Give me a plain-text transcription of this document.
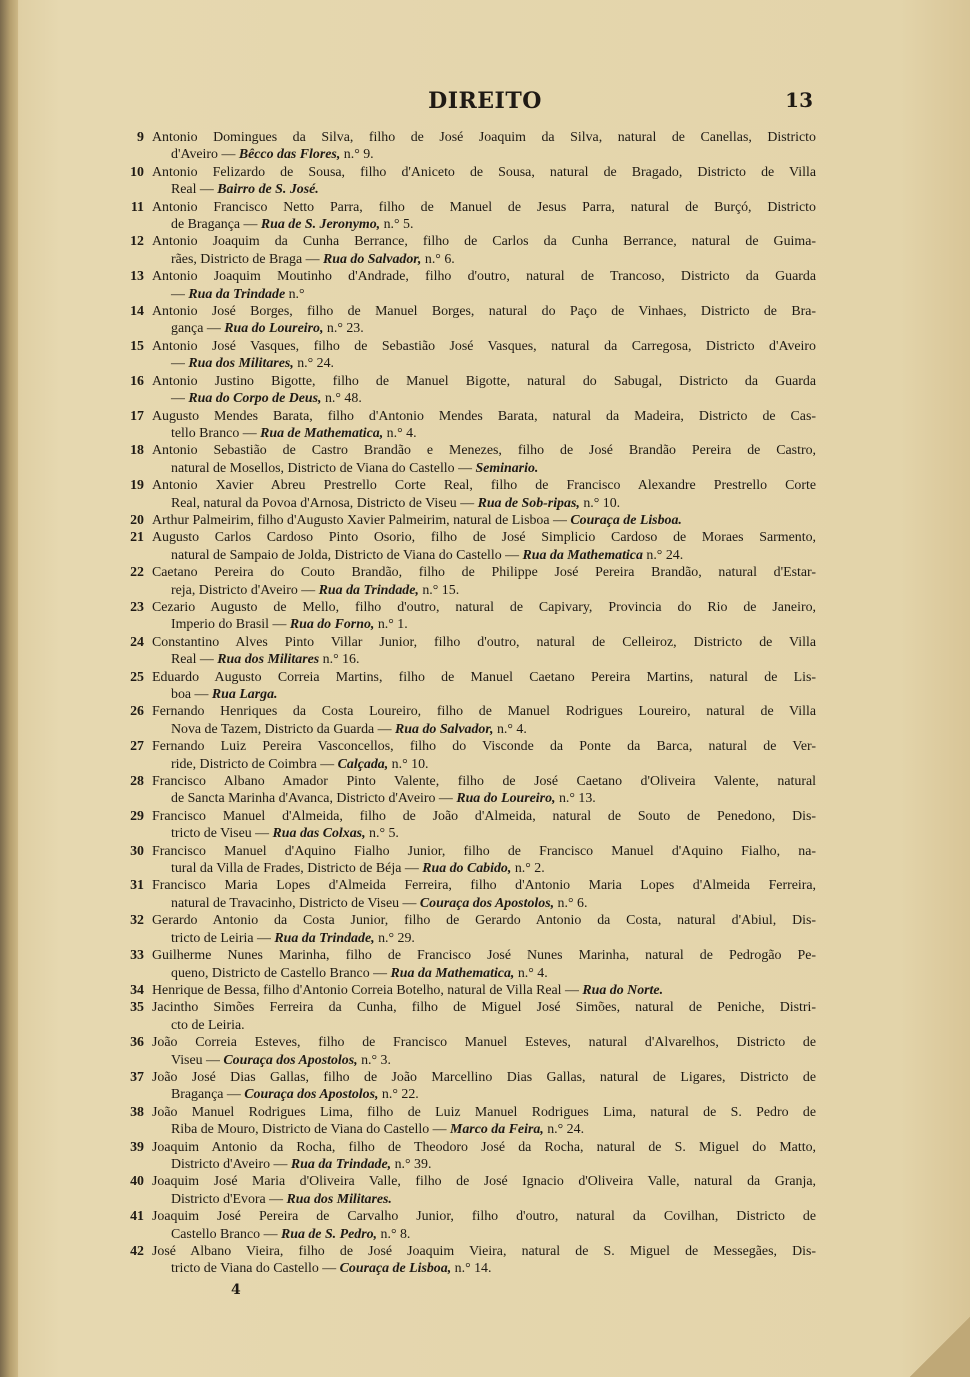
DIREITO	13
9 Antonio Domingues da Silva, filho de José Joaquim da Silva, natural de Canellas, Districto
d'Aveiro — Bêcco das Flores, n.° 9.
10 Antonio Felizardo de Sousa, filho d'Aniceto de Sousa, natural de Bragado, Districto de Villa
Real — Bairro de S. José.
11 Antonio Francisco Netto Parra, filho de Manuel de Jesus Parra, natural de Burçó, Districto
de Bragança — Rua de S. Jeronymo, n.° 5.
12 Antonio Joaquim da Cunha Berrance, filho de Carlos da Cunha Berrance, natural de Guima-
rães, Districto de Braga — Rua do Salvador, n.° 6.
13 Antonio Joaquim Moutinho d'Andrade, filho d'outro, natural de Trancoso, Districto da Guarda
— Rua da Trindade n.°
14 Antonio José Borges, filho de Manuel Borges, natural do Paço de Vinhaes, Districto de Bra-
gança — Rua do Loureiro, n.° 23.
15 Antonio José Vasques, filho de Sebastião José Vasques, natural da Carregosa, Districto d'Aveiro
— Rua dos Militares, n.° 24.
16 Antonio Justino Bigotte, filho de Manuel Bigotte, natural do Sabugal, Districto da Guarda
— Rua do Corpo de Deus, n.° 48.
17 Augusto Mendes Barata, filho d'Antonio Mendes Barata, natural da Madeira, Districto de Cas-
tello Branco — Rua de Mathematica, n.° 4.
18 Antonio Sebastião de Castro Brandão e Menezes, filho de José Brandão Pereira de Castro,
natural de Mosellos, Districto de Viana do Castello — Seminario.
19 Antonio Xavier Abreu Prestrello Corte Real, filho de Francisco Alexandre Prestrello Corte
Real, natural da Povoa d'Arnosa, Districto de Viseu — Rua de Sob-ripas, n.° 10.
20 Arthur Palmeirim, filho d'Augusto Xavier Palmeirim, natural de Lisboa — Couraça de Lisboa.
21 Augusto Carlos Cardoso Pinto Osorio, filho de José Simplicio Cardoso de Moraes Sarmento,
natural de Sampaio de Jolda, Districto de Viana do Castello — Rua da Mathematica n.° 24.
22 Caetano Pereira do Couto Brandão, filho de Philippe José Pereira Brandão, natural d'Estar-
reja, Districto d'Aveiro — Rua da Trindade, n.° 15.
23 Cezario Augusto de Mello, filho d'outro, natural de Capivary, Provincia do Rio de Janeiro,
Imperio do Brasil — Rua do Forno, n.° 1.
24 Constantino Alves Pinto Villar Junior, filho d'outro, natural de Celleiroz, Districto de Villa
Real — Rua dos Militares n.° 16.
25 Eduardo Augusto Correia Martins, filho de Manuel Caetano Pereira Martins, natural de Lis-
boa — Rua Larga.
26 Fernando Henriques da Costa Loureiro, filho de Manuel Rodrigues Loureiro, natural de Villa
Nova de Tazem, Districto da Guarda — Rua do Salvador, n.° 4.
27 Fernando Luiz Pereira Vasconcellos, filho do Visconde da Ponte da Barca, natural de Ver-
ride, Districto de Coimbra — Calçada, n.° 10.
28 Francisco Albano Amador Pinto Valente, filho de José Caetano d'Oliveira Valente, natural
de Sancta Marinha d'Avanca, Districto d'Aveiro — Rua do Loureiro, n.° 13.
29 Francisco Manuel d'Almeida, filho de João d'Almeida, natural de Souto de Penedono, Dis-
tricto de Viseu — Rua das Colxas, n.° 5.
30 Francisco Manuel d'Aquino Fialho Junior, filho de Francisco Manuel d'Aquino Fialho, na-
tural da Villa de Frades, Districto de Béja — Rua do Cabido, n.° 2.
31 Francisco Maria Lopes d'Almeida Ferreira, filho d'Antonio Maria Lopes d'Almeida Ferreira,
natural de Travacinho, Districto de Viseu — Couraça dos Apostolos, n.° 6.
32 Gerardo Antonio da Costa Junior, filho de Gerardo Antonio da Costa, natural d'Abiul, Dis-
tricto de Leiria — Rua da Trindade, n.° 29.
33 Guilherme Nunes Marinha, filho de Francisco José Nunes Marinha, natural de Pedrogão Pe-
queno, Districto de Castello Branco — Rua da Mathematica, n.° 4.
34 Henrique de Bessa, filho d'Antonio Correia Botelho, natural de Villa Real — Rua do Norte.
35 Jacintho Simões Ferreira da Cunha, filho de Miguel José Simões, natural de Peniche, Distri-
cto de Leiria.
36 João Correia Esteves, filho de Francisco Manuel Esteves, natural d'Alvarelhos, Districto de
Viseu — Couraça dos Apostolos, n.° 3.
37 João José Dias Gallas, filho de João Marcellino Dias Gallas, natural de Ligares, Districto de
Bragança — Couraça dos Apostolos, n.° 22.
38 João Manuel Rodrigues Lima, filho de Luiz Manuel Rodrigues Lima, natural de S. Pedro de
Riba de Mouro, Districto de Viana do Castello — Marco da Feira, n.° 24.
39 Joaquim Antonio da Rocha, filho de Theodoro José da Rocha, natural de S. Miguel do Matto,
Districto d'Aveiro — Rua da Trindade, n.° 39.
40 Joaquim José Maria d'Oliveira Valle, filho de José Ignacio d'Oliveira Valle, natural da Granja,
Districto d'Evora — Rua dos Militares.
41 Joaquim José Pereira de Carvalho Junior, filho d'outro, natural da Covilhan, Districto de
Castello Branco — Rua de S. Pedro, n.° 8.
42 José Albano Vieira, filho de José Joaquim Vieira, natural de S. Miguel de Messegães, Dis-
tricto de Viana do Castello — Couraça de Lisboa, n.° 14.
4
